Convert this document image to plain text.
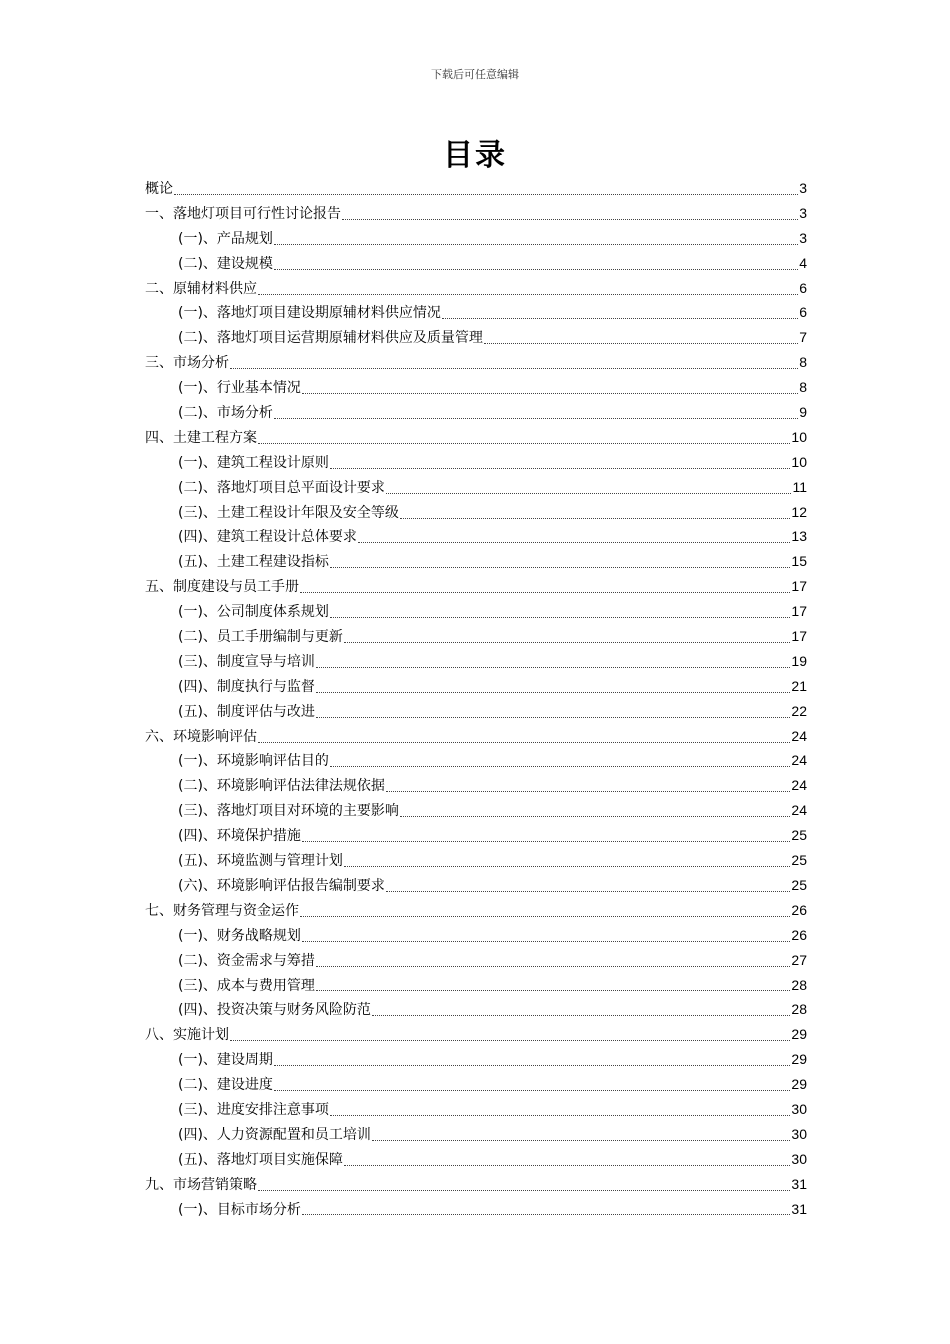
下载后可任意编辑
目录
概论	3
一、落地灯项目可行性讨论报告	3
(一)、产品规划	3
(二)、建设规模	4
二、原辅材料供应	6
(一)、落地灯项目建设期原辅材料供应情况	6
(二)、落地灯项目运营期原辅材料供应及质量管理	7
三、市场分析	8
(一)、行业基本情况	8
(二)、市场分析	9
四、土建工程方案	10
(一)、建筑工程设计原则	10
(二)、落地灯项目总平面设计要求	11
(三)、土建工程设计年限及安全等级	12
(四)、建筑工程设计总体要求	13
(五)、土建工程建设指标	15
五、制度建设与员工手册	17
(一)、公司制度体系规划	17
(二)、员工手册编制与更新	17
(三)、制度宣导与培训	19
(四)、制度执行与监督	21
(五)、制度评估与改进	22
六、环境影响评估	24
(一)、环境影响评估目的	24
(二)、环境影响评估法律法规依据	24
(三)、落地灯项目对环境的主要影响	24
(四)、环境保护措施	25
(五)、环境监测与管理计划	25
(六)、环境影响评估报告编制要求	25
七、财务管理与资金运作	26
(一)、财务战略规划	26
(二)、资金需求与筹措	27
(三)、成本与费用管理	28
(四)、投资决策与财务风险防范	28
八、实施计划	29
(一)、建设周期	29
(二)、建设进度	29
(三)、进度安排注意事项	30
(四)、人力资源配置和员工培训	30
(五)、落地灯项目实施保障	30
九、市场营销策略	31
(一)、目标市场分析	31
